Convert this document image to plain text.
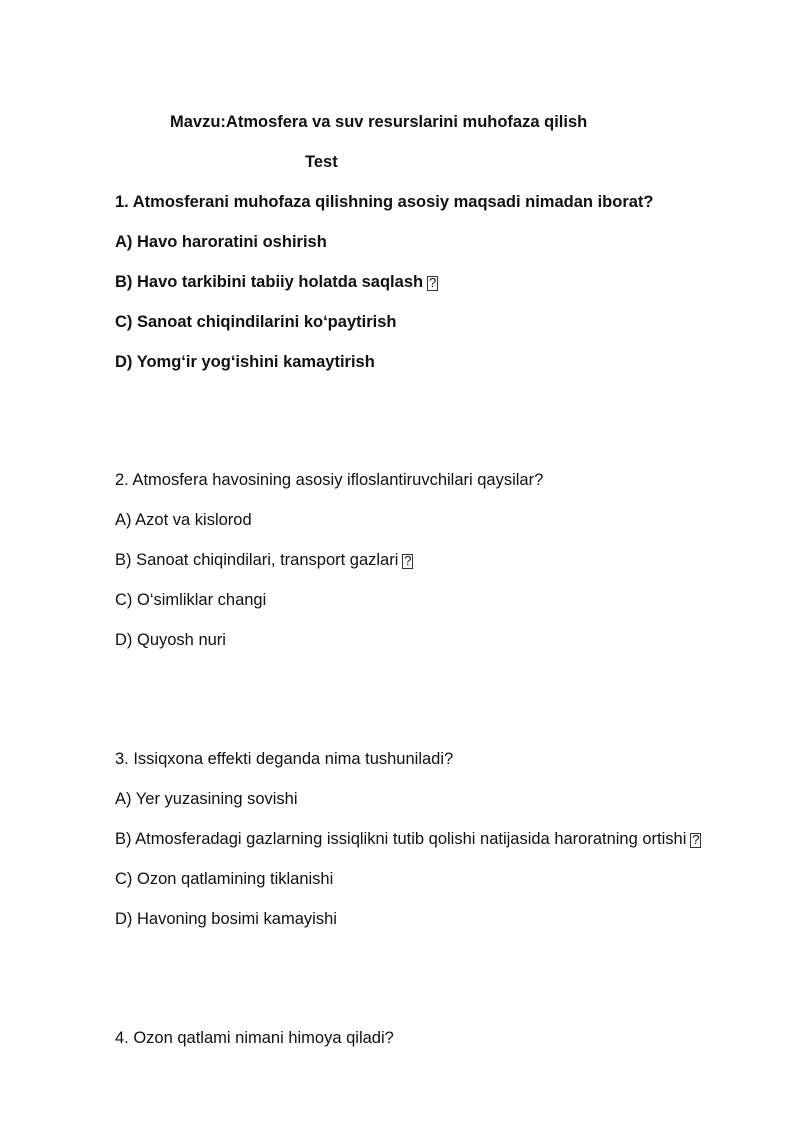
Mavzu:Atmosfera va suv resurslarini muhofaza qilish
Test
1. Atmosferani muhofaza qilishning asosiy maqsadi nimadan iborat?
A) Havo haroratini oshirish
B) Havo tarkibini tabiiy holatda saqlash ?
C) Sanoat chiqindilarini ko‘paytirish
D) Yomg‘ir yog‘ishini kamaytirish
2. Atmosfera havosining asosiy ifloslantiruvchilari qaysilar?
A) Azot va kislorod
B) Sanoat chiqindilari, transport gazlari ?
C) O‘simliklar changi
D) Quyosh nuri
3. Issiqxona effekti deganda nima tushuniladi?
A) Yer yuzasining sovishi
B) Atmosferadagi gazlarning issiqlikni tutib qolishi natijasida haroratning ortishi ?
C) Ozon qatlamining tiklanishi
D) Havoning bosimi kamayishi
4. Ozon qatlami nimani himoya qiladi?
